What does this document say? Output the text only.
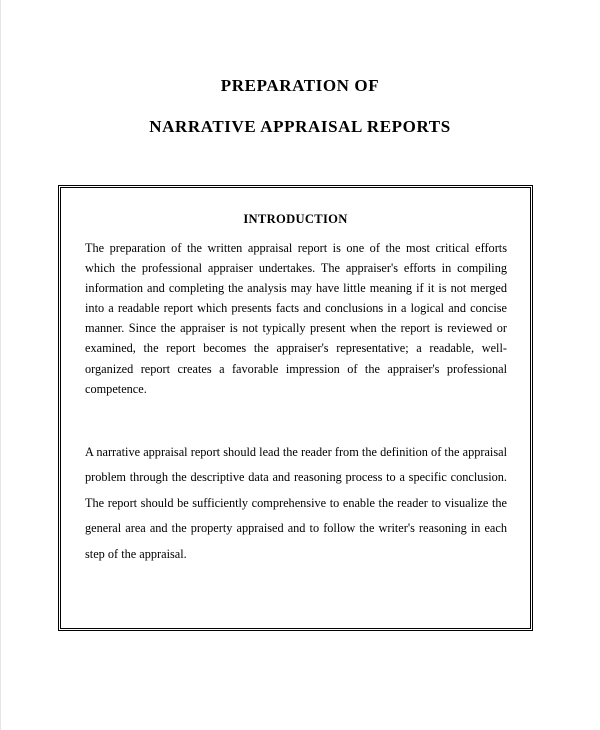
PREPARATION OF
NARRATIVE APPRAISAL REPORTS
INTRODUCTION

The preparation of the written appraisal report is one of the most critical efforts which the professional appraiser undertakes. The appraiser's efforts in compiling information and completing the analysis may have little meaning if it is not merged into a readable report which presents facts and conclusions in a logical and concise manner. Since the appraiser is not typically present when the report is reviewed or examined, the report becomes the appraiser's representative; a readable, well-organized report creates a favorable impression of the appraiser's professional competence.

A narrative appraisal report should lead the reader from the definition of the appraisal problem through the descriptive data and reasoning process to a specific conclusion. The report should be sufficiently comprehensive to enable the reader to visualize the general area and the property appraised and to follow the writer's reasoning in each step of the appraisal.
